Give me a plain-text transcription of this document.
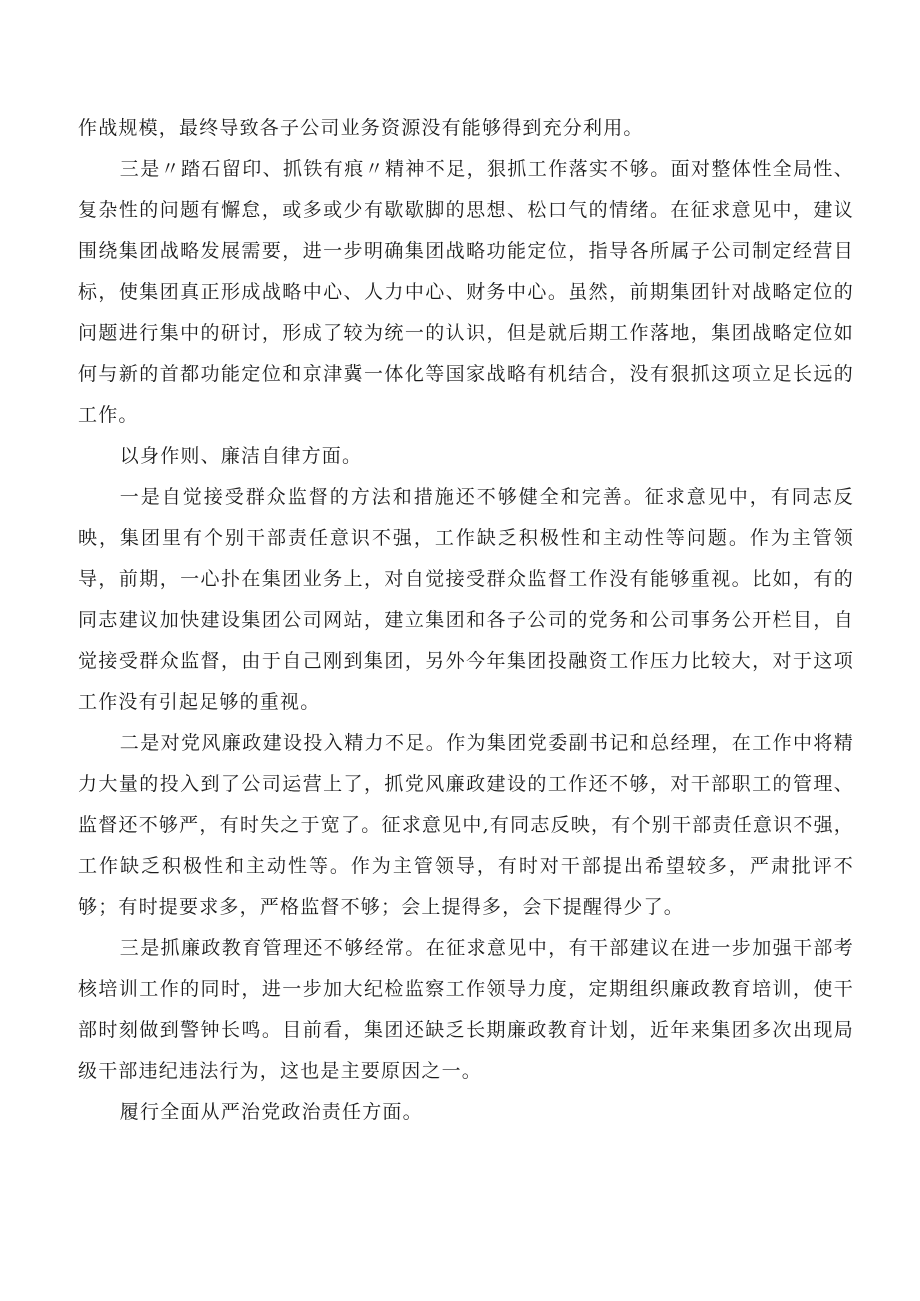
作战规模，最终导致各子公司业务资源没有能够得到充分利用。

三是〃踏石留印、抓铁有痕〃精神不足，狠抓工作落实不够。面对整体性全局性、复杂性的问题有懈怠，或多或少有歇歇脚的思想、松口气的情绪。在征求意见中，建议围绕集团战略发展需要，进一步明确集团战略功能定位，指导各所属子公司制定经营目标，使集团真正形成战略中心、人力中心、财务中心。虽然，前期集团针对战略定位的问题进行集中的研讨，形成了较为统一的认识，但是就后期工作落地，集团战略定位如何与新的首都功能定位和京津冀一体化等国家战略有机结合，没有狠抓这项立足长远的工作。

以身作则、廉洁自律方面。

一是自觉接受群众监督的方法和措施还不够健全和完善。征求意见中，有同志反映，集团里有个别干部责任意识不强，工作缺乏积极性和主动性等问题。作为主管领导，前期，一心扑在集团业务上，对自觉接受群众监督工作没有能够重视。比如，有的同志建议加快建设集团公司网站，建立集团和各子公司的党务和公司事务公开栏目，自觉接受群众监督，由于自己刚到集团，另外今年集团投融资工作压力比较大，对于这项工作没有引起足够的重视。

二是对党风廉政建设投入精力不足。作为集团党委副书记和总经理，在工作中将精力大量的投入到了公司运营上了，抓党风廉政建设的工作还不够，对干部职工的管理、监督还不够严，有时失之于宽了。征求意见中,有同志反映，有个别干部责任意识不强，工作缺乏积极性和主动性等。作为主管领导，有时对干部提出希望较多，严肃批评不够；有时提要求多，严格监督不够；会上提得多，会下提醒得少了。

三是抓廉政教育管理还不够经常。在征求意见中，有干部建议在进一步加强干部考核培训工作的同时，进一步加大纪检监察工作领导力度，定期组织廉政教育培训，使干部时刻做到警钟长鸣。目前看，集团还缺乏长期廉政教育计划，近年来集团多次出现局级干部违纪违法行为，这也是主要原因之一。

履行全面从严治党政治责任方面。
